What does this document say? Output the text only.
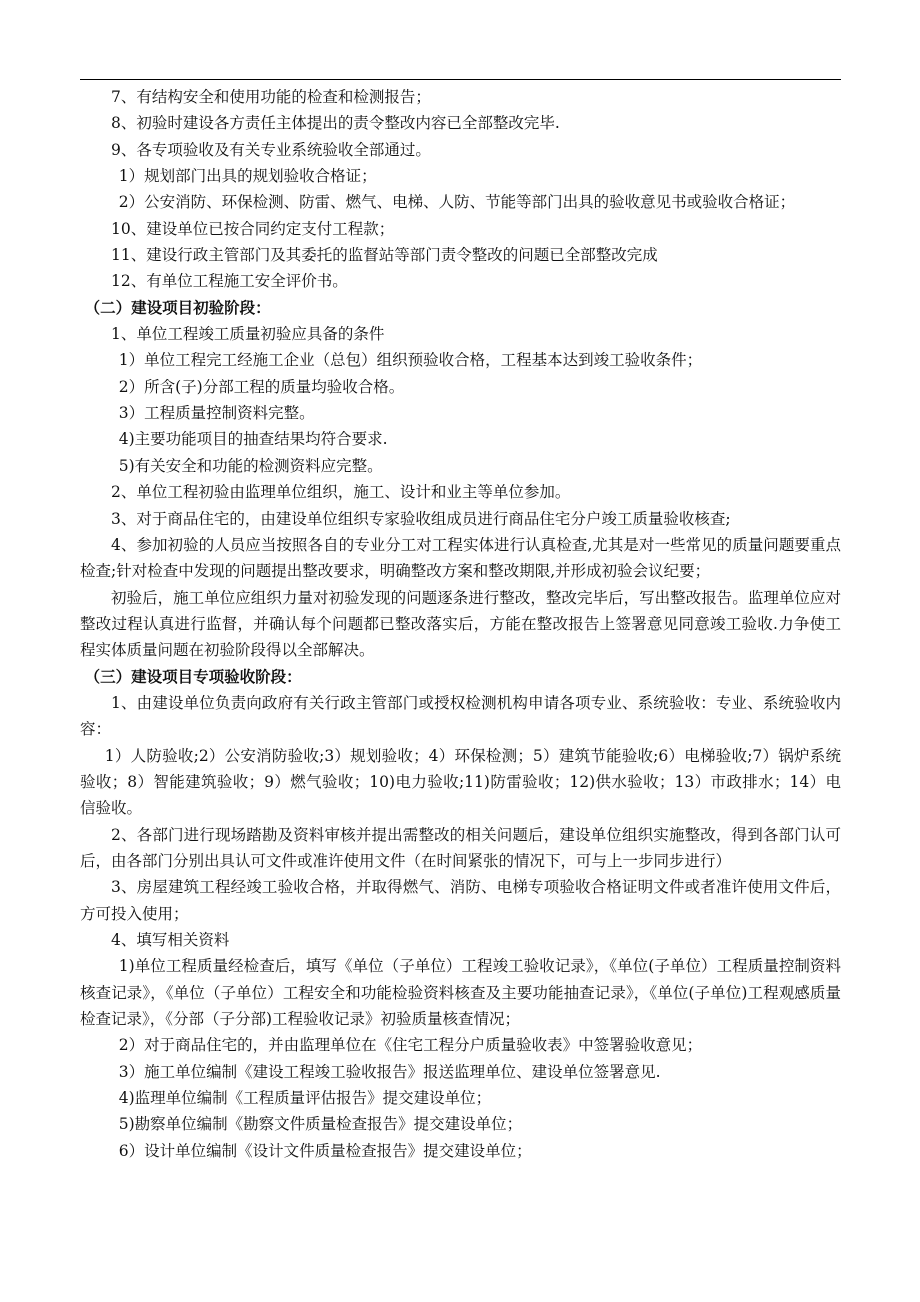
7、有结构安全和使用功能的检查和检测报告；

8、初验时建设各方责任主体提出的责令整改内容已全部整改完毕.

9、各专项验收及有关专业系统验收全部通过。

1）规划部门出具的规划验收合格证；

2）公安消防、环保检测、防雷、燃气、电梯、人防、节能等部门出具的验收意见书或验收合格证；

10、建设单位已按合同约定支付工程款；

11、建设行政主管部门及其委托的监督站等部门责令整改的问题已全部整改完成

12、有单位工程施工安全评价书。

（二）建设项目初验阶段：

1、单位工程竣工质量初验应具备的条件

1）单位工程完工经施工企业（总包）组织预验收合格，工程基本达到竣工验收条件；

2）所含(子)分部工程的质量均验收合格。

3）工程质量控制资料完整。

4)主要功能项目的抽查结果均符合要求.

5)有关安全和功能的检测资料应完整。

2、单位工程初验由监理单位组织，施工、设计和业主等单位参加。

3、对于商品住宅的，由建设单位组织专家验收组成员进行商品住宅分户竣工质量验收核查;

4、参加初验的人员应当按照各自的专业分工对工程实体进行认真检查,尤其是对一些常见的质量问题要重点检查;针对检查中发现的问题提出整改要求，明确整改方案和整改期限,并形成初验会议纪要；

初验后，施工单位应组织力量对初验发现的问题逐条进行整改，整改完毕后，写出整改报告。监理单位应对整改过程认真进行监督，并确认每个问题都已整改落实后，方能在整改报告上签署意见同意竣工验收.力争使工程实体质量问题在初验阶段得以全部解决。

（三）建设项目专项验收阶段：

1、由建设单位负责向政府有关行政主管部门或授权检测机构申请各项专业、系统验收：专业、系统验收内容：

1）人防验收;2）公安消防验收;3）规划验收；4）环保检测；5）建筑节能验收;6）电梯验收;7）锅炉系统验收；8）智能建筑验收；9）燃气验收；10)电力验收;11)防雷验收；12)供水验收；13）市政排水；14）电信验收。

2、各部门进行现场踏勘及资料审核并提出需整改的相关问题后，建设单位组织实施整改，得到各部门认可后，由各部门分别出具认可文件或准许使用文件（在时间紧张的情况下，可与上一步同步进行）

3、房屋建筑工程经竣工验收合格，并取得燃气、消防、电梯专项验收合格证明文件或者准许使用文件后，方可投入使用；

4、填写相关资料

1)单位工程质量经检查后，填写《单位（子单位）工程竣工验收记录》，《单位(子单位）工程质量控制资料核查记录》，《单位（子单位）工程安全和功能检验资料核查及主要功能抽查记录》，《单位(子单位)工程观感质量检查记录》，《分部（子分部)工程验收记录》初验质量核查情况；

2）对于商品住宅的，并由监理单位在《住宅工程分户质量验收表》中签署验收意见；

3）施工单位编制《建设工程竣工验收报告》报送监理单位、建设单位签署意见.

4)监理单位编制《工程质量评估报告》提交建设单位；

5)勘察单位编制《勘察文件质量检查报告》提交建设单位；

6）设计单位编制《设计文件质量检查报告》提交建设单位；
